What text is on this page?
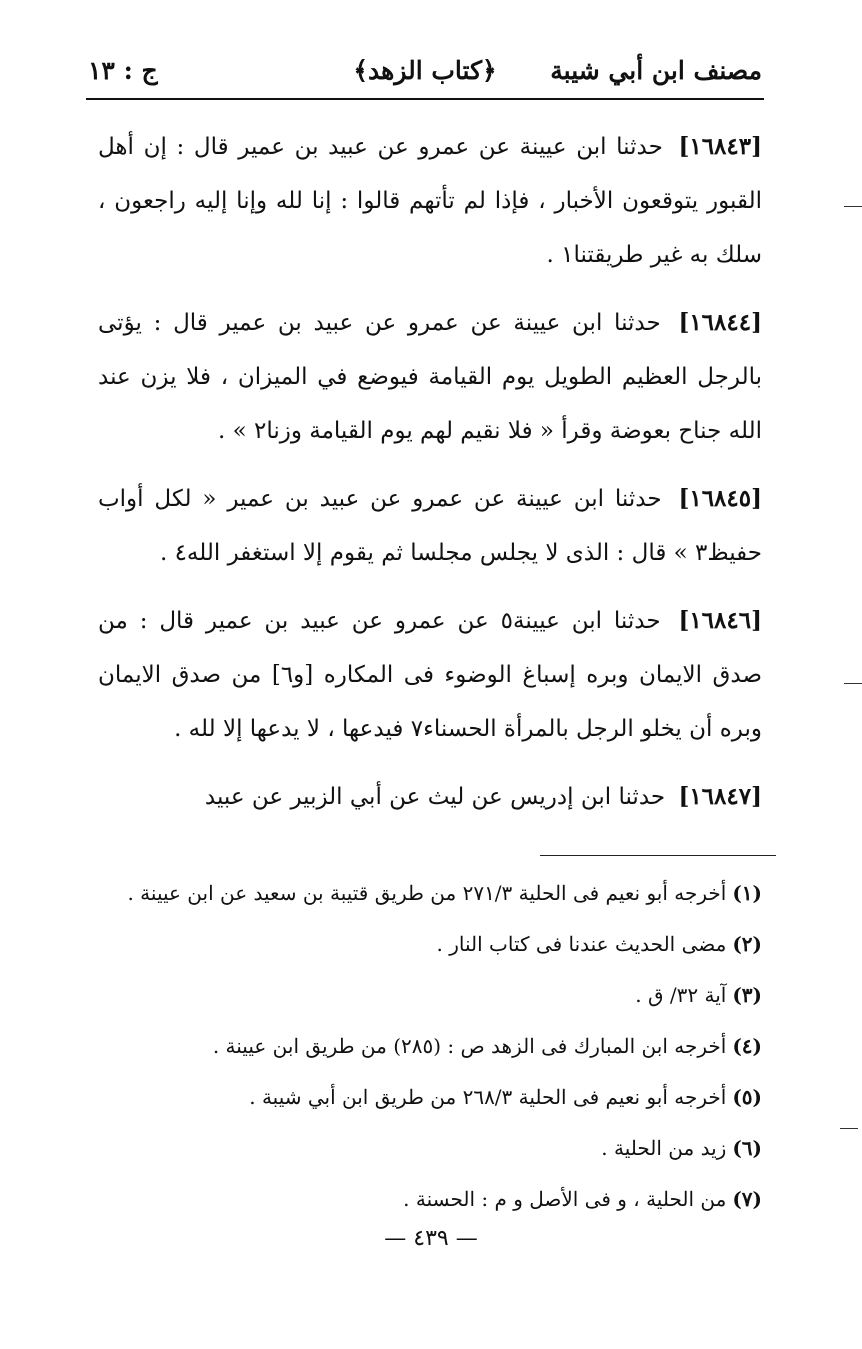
مصنف ابن أبي شيبة
﴿كتاب الزهد﴾
ج : ١٣

[١٦٨٤٣] حدثنا ابن عيينة عن عمرو عن عبيد بن عمير قال : إن أهل القبور يتوقعون الأخبار ، فإذا لم تأتهم قالوا : إنا لله وإنا إليه راجعون ، سلك به غير طريقتنا١ .

[١٦٨٤٤] حدثنا ابن عيينة عن عمرو عن عبيد بن عمير قال : يؤتى بالرجل العظيم الطويل يوم القيامة فيوضع في الميزان ، فلا يزن عند الله جناح بعوضة وقرأ « فلا نقيم لهم يوم القيامة وزنا٢ » .

[١٦٨٤٥] حدثنا ابن عيينة عن عمرو عن عبيد بن عمير « لكل أواب حفيظ٣ » قال : الذى لا يجلس مجلسا ثم يقوم إلا استغفر الله٤ .

[١٦٨٤٦] حدثنا ابن عيينة٥ عن عمرو عن عبيد بن عمير قال : من صدق الايمان وبره إسباغ الوضوء فى المكاره [و٦] من صدق الايمان وبره أن يخلو الرجل بالمرأة الحسناء٧ فيدعها ، لا يدعها إلا لله .

[١٦٨٤٧] حدثنا ابن إدريس عن ليث عن أبي الزبير عن عبيد

(١)أخرجه أبو نعيم فى الحلية ٢٧١/٣ من طريق قتيبة بن سعيد عن ابن عيينة .
(٢)مضى الحديث عندنا فى كتاب النار .
(٣)آية ٣٢/ ق .
(٤)أخرجه ابن المبارك فى الزهد ص : (٢٨٥) من طريق ابن عيينة .
(٥)أخرجه أبو نعيم فى الحلية ٢٦٨/٣ من طريق ابن أبي شيبة .
(٦)زيد من الحلية .
(٧)من الحلية ، و فى الأصل و م : الحسنة .
— ٤٣٩ —
